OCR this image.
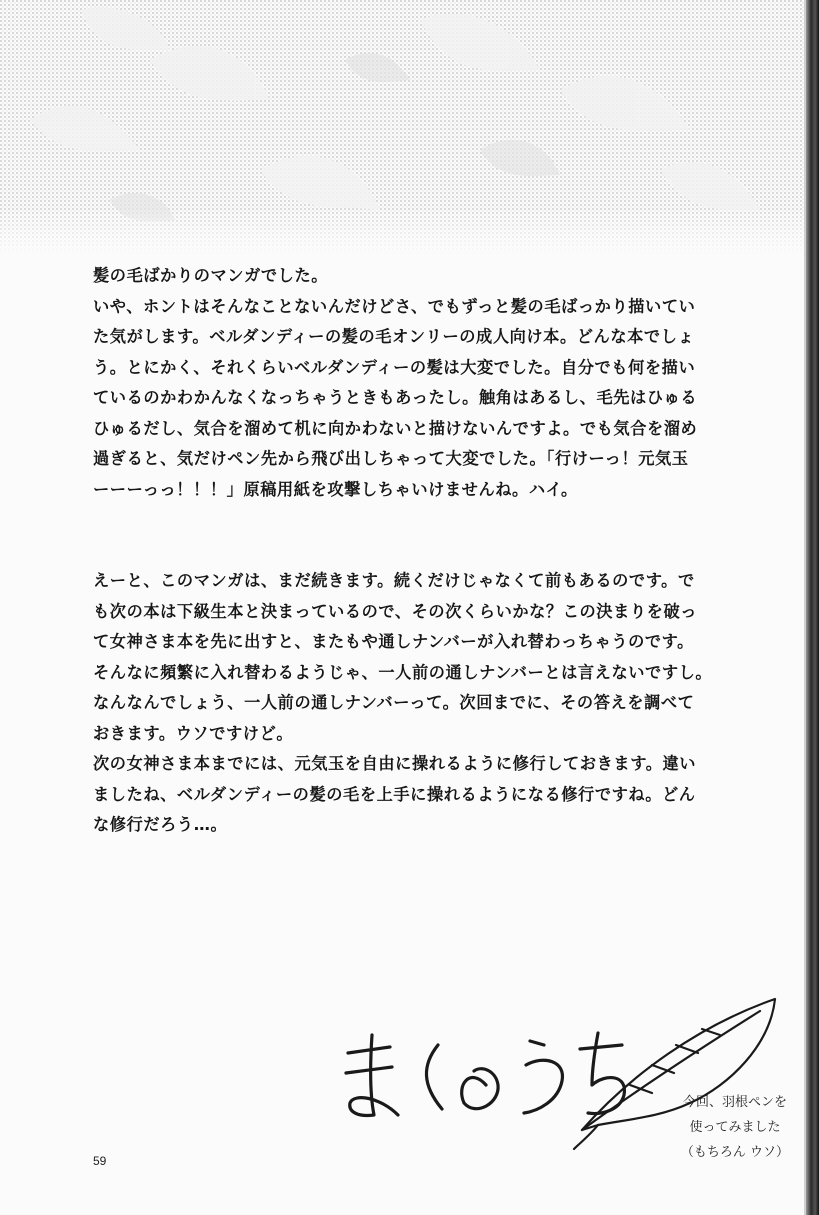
髪の毛ばかりのマンガでした。

いや、ホントはそんなことないんだけどさ、でもずっと髪の毛ばっかり描いてい

た気がします。ベルダンディーの髪の毛オンリーの成人向け本。どんな本でしょ

う。とにかく、それくらいベルダンディーの髪は大変でした。自分でも何を描い

ているのかわかんなくなっちゃうときもあったし。触角はあるし、毛先はひゅる

ひゅるだし、気合を溜めて机に向かわないと描けないんですよ。でも気合を溜め

過ぎると、気だけペン先から飛び出しちゃって大変でした。「行けーっ！元気玉

ーーーっっ！！！」原稿用紙を攻撃しちゃいけませんね。ハイ。

えーと、このマンガは、まだ続きます。続くだけじゃなくて前もあるのです。で

も次の本は下級生本と決まっているので、その次くらいかな？この決まりを破っ

て女神さま本を先に出すと、またもや通しナンバーが入れ替わっちゃうのです。

そんなに頻繁に入れ替わるようじゃ、一人前の通しナンバーとは言えないですし。

なんなんでしょう、一人前の通しナンバーって。次回までに、その答えを調べて

おきます。ウソですけど。

次の女神さま本までには、元気玉を自由に操れるように修行しておきます。違い

ましたね、ベルダンディーの髪の毛を上手に操れるようになる修行ですね。どん

な修行だろう…。

今回、羽根ペンを

使ってみました

（もちろん ウソ）

59
